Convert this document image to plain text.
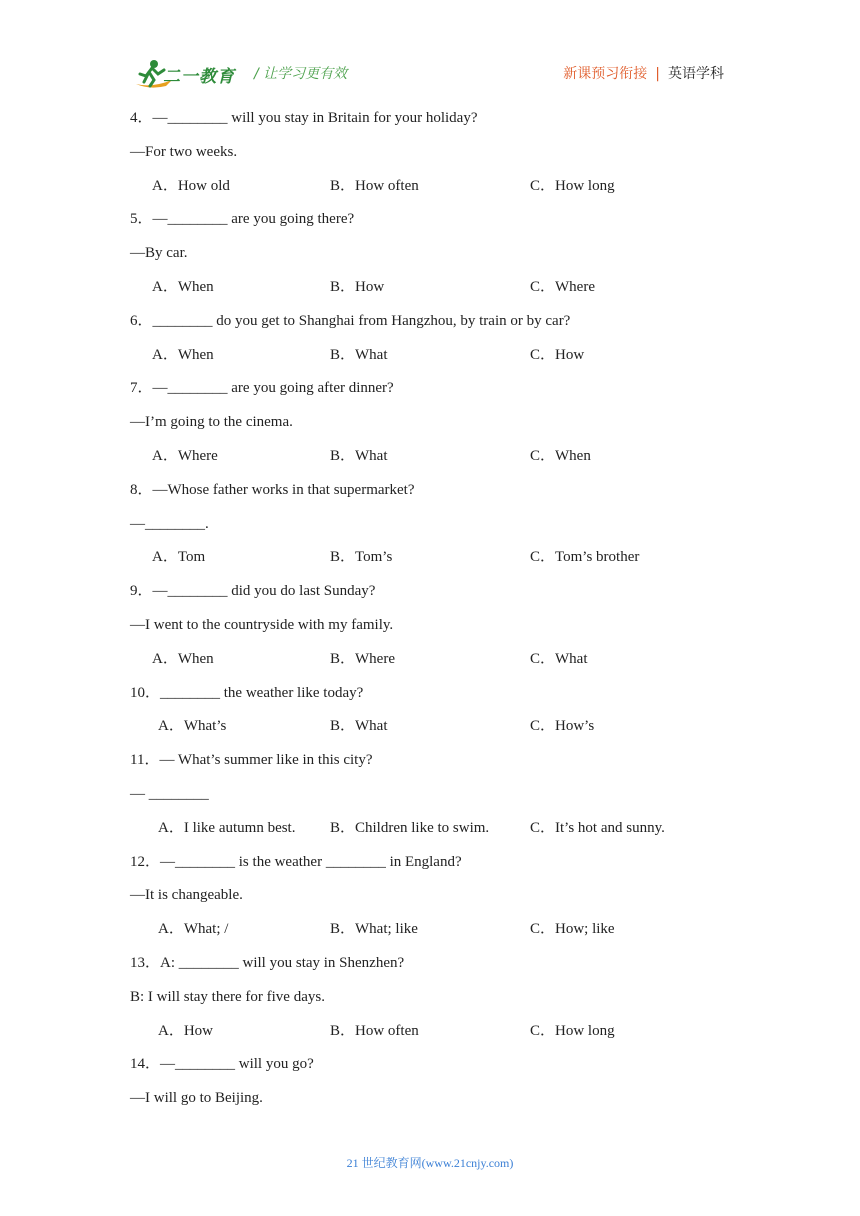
二一教育 / 让学习更有效	新课预习衔接 | 英语学科
4．—________ will you stay in Britain for your holiday?
—For two weeks.
A．How old	B．How often	C．How long
5．—________ are you going there?
—By car.
A．When	B．How	C．Where
6．________ do you get to Shanghai from Hangzhou, by train or by car?
A．When	B．What	C．How
7．—________ are you going after dinner?
—I’m going to the cinema.
A．Where	B．What	C．When
8．—Whose father works in that supermarket?
—________.
A．Tom	B．Tom’s	C．Tom’s brother
9．—________ did you do last Sunday?
—I went to the countryside with my family.
A．When	B．Where	C．What
10．________ the weather like today?
A．What’s	B．What	C．How’s
11．— What’s summer like in this city?
— ________
A．I like autumn best. B．Children like to swim.	C．It’s hot and sunny.
12．—________ is the weather ________ in England?
—It is changeable.
A．What; /	B．What; like	C．How; like
13．A: ________ will you stay in Shenzhen?
B: I will stay there for five days.
A．How	B．How often	C．How long
14．—________ will you go?
—I will go to Beijing.
21 世纪教育网(www.21cnjy.com)
